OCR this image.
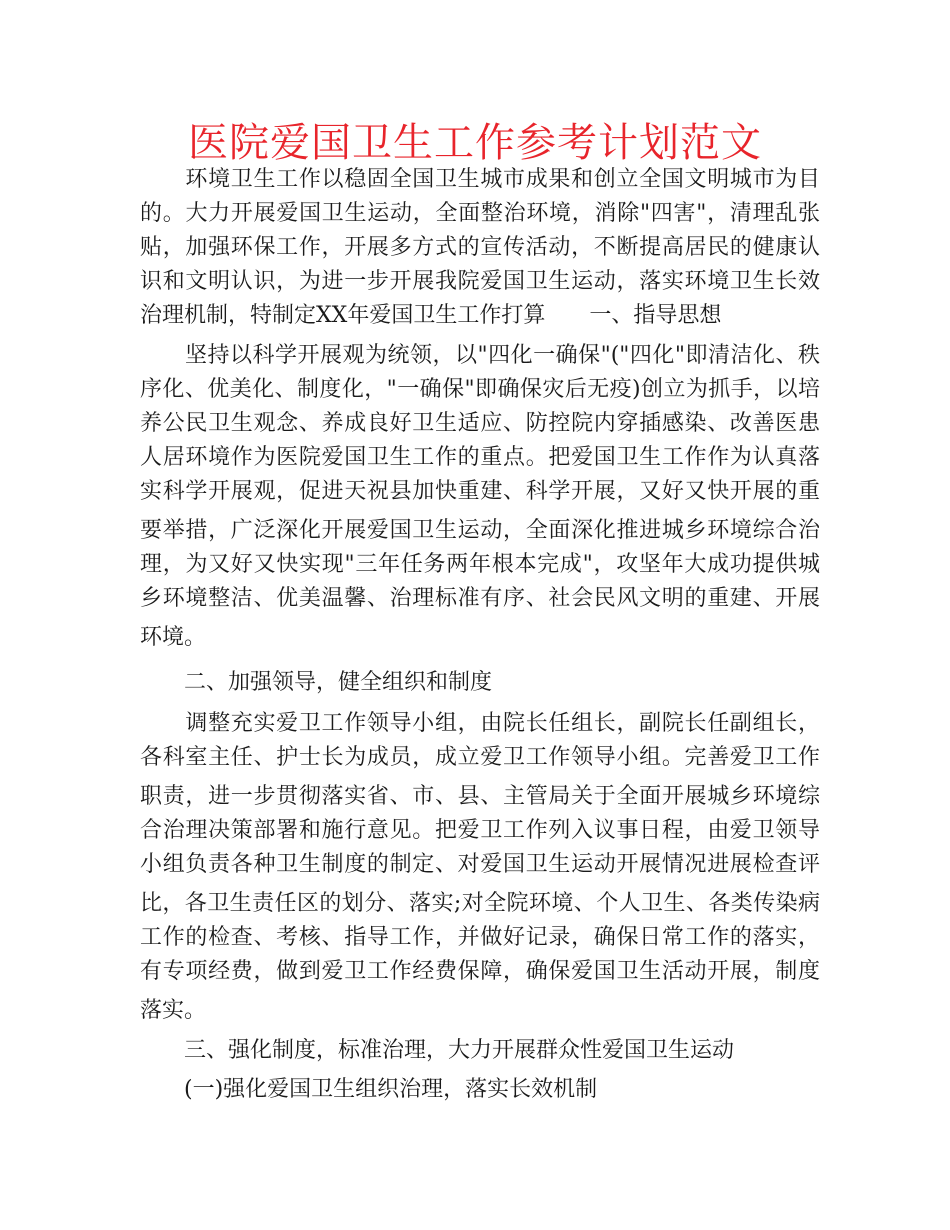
医院爱国卫生工作参考计划范文

　　环境卫生工作以稳固全国卫生城市成果和创立全国文明城市为目

的。大力开展爱国卫生运动，全面整治环境，消除"四害"，清理乱张

贴，加强环保工作，开展多方式的宣传活动，不断提高居民的健康认

识和文明认识，为进一步开展我院爱国卫生运动，落实环境卫生长效

治理机制，特制定XX年爱国卫生工作打算　　一、指导思想

　　坚持以科学开展观为统领，以"四化一确保"("四化"即清洁化、秩

序化、优美化、制度化，"一确保"即确保灾后无疫)创立为抓手，以培

养公民卫生观念、养成良好卫生适应、防控院内穿插感染、改善医患

人居环境作为医院爱国卫生工作的重点。把爱国卫生工作作为认真落

实科学开展观，促进天祝县加快重建、科学开展，又好又快开展的重

要举措，广泛深化开展爱国卫生运动，全面深化推进城乡环境综合治

理，为又好又快实现"三年任务两年根本完成"，攻坚年大成功提供城

乡环境整洁、优美温馨、治理标准有序、社会民风文明的重建、开展

环境。

　　二、加强领导，健全组织和制度

　　调整充实爱卫工作领导小组，由院长任组长，副院长任副组长，

各科室主任、护士长为成员，成立爱卫工作领导小组。完善爱卫工作

职责，进一步贯彻落实省、市、县、主管局关于全面开展城乡环境综

合治理决策部署和施行意见。把爱卫工作列入议事日程，由爱卫领导

小组负责各种卫生制度的制定、对爱国卫生运动开展情况进展检查评

比，各卫生责任区的划分、落实;对全院环境、个人卫生、各类传染病

工作的检查、考核、指导工作，并做好记录，确保日常工作的落实，

有专项经费，做到爱卫工作经费保障，确保爱国卫生活动开展，制度

落实。

　　三、强化制度，标准治理，大力开展群众性爱国卫生运动

　　(一)强化爱国卫生组织治理，落实长效机制
